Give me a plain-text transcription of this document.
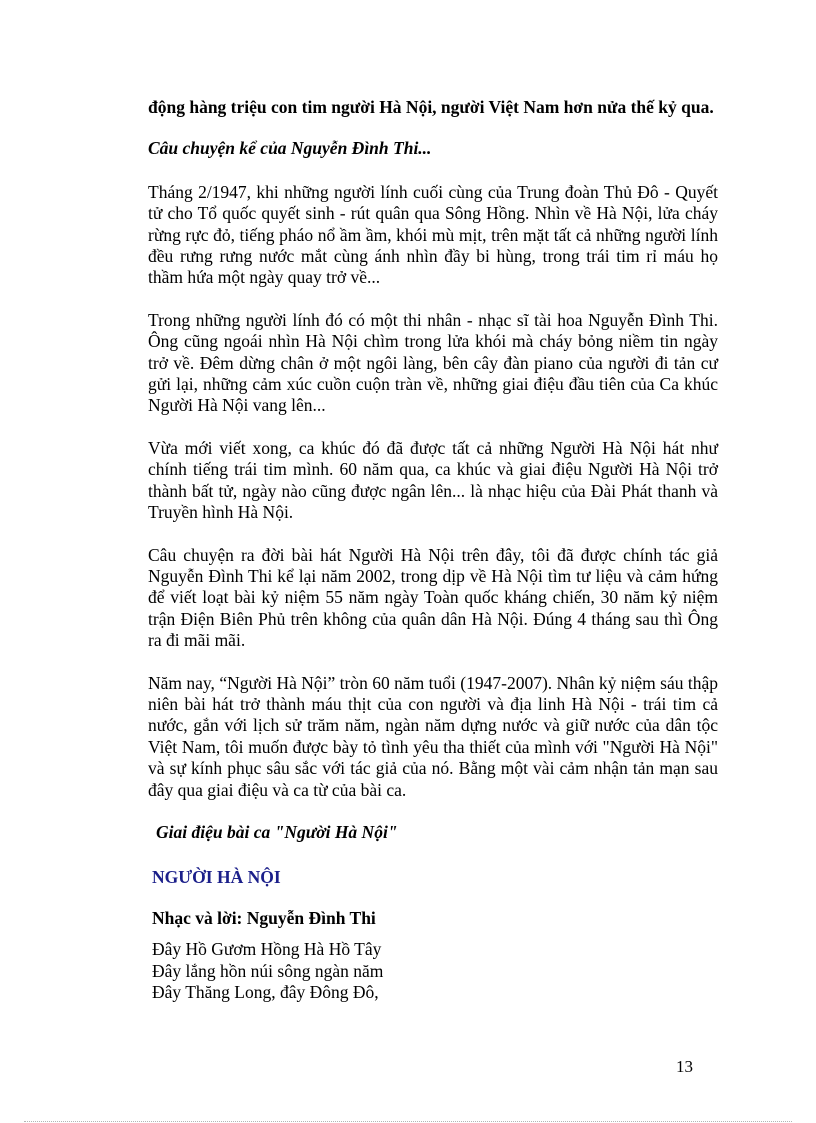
động hàng triệu con tim người Hà Nội, người Việt Nam hơn nửa thế kỷ qua.

Câu chuyện kể của Nguyễn Đình Thi...

Tháng 2/1947, khi những người lính cuối cùng của Trung đoàn Thủ Đô - Quyết tử cho Tổ quốc quyết sinh - rút quân qua Sông Hồng. Nhìn về Hà Nội, lửa cháy rừng rực đỏ, tiếng pháo nổ ầm ầm, khói mù mịt, trên mặt tất cả những người lính đều rưng rưng nước mắt cùng ánh nhìn đầy bi hùng, trong trái tim rỉ máu họ thầm hứa một ngày quay trở về...

Trong những người lính đó có một thi nhân - nhạc sĩ tài hoa Nguyễn Đình Thi. Ông cũng ngoái nhìn Hà Nội chìm trong lửa khói mà cháy bỏng niềm tin ngày trở về. Đêm dừng chân ở một ngôi làng, bên cây đàn piano của người đi tản cư gửi lại, những cảm xúc cuồn cuộn tràn về, những giai điệu đầu tiên của Ca khúc Người Hà Nội vang lên...

Vừa mới viết xong, ca khúc đó đã được tất cả những Người Hà Nội hát như chính tiếng trái tim mình. 60 năm qua, ca khúc và giai điệu Người Hà Nội trở thành bất tử, ngày nào cũng được ngân lên... là nhạc hiệu của Đài Phát thanh và Truyền hình Hà Nội.

Câu chuyện ra đời bài hát Người Hà Nội trên đây, tôi đã được chính tác giả Nguyễn Đình Thi kể lại năm 2002, trong dịp về Hà Nội tìm tư liệu và cảm hứng để viết loạt bài kỷ niệm 55 năm ngày Toàn quốc kháng chiến, 30 năm kỷ niệm trận Điện Biên Phủ trên không của quân dân Hà Nội. Đúng 4 tháng sau thì Ông ra đi mãi mãi.

Năm nay, “Người Hà Nội” tròn 60 năm tuổi (1947-2007). Nhân kỷ niệm sáu thập niên bài hát trở thành máu thịt của con người và địa linh Hà Nội - trái tim cả nước, gắn với lịch sử trăm năm, ngàn năm dựng nước và giữ nước của dân tộc Việt Nam, tôi muốn được bày tỏ tình yêu tha thiết của mình với "Người Hà Nội" và sự kính phục sâu sắc với tác giả của nó. Bằng một vài cảm nhận tản mạn sau đây qua giai điệu và ca từ của bài ca.

Giai điệu bài ca "Người Hà Nội"

NGƯỜI HÀ NỘI

Nhạc và lời: Nguyễn Đình Thi

Đây Hồ Gươm Hồng Hà Hồ Tây
Đây lắng hồn núi sông ngàn năm
Đây Thăng Long, đây Đông Đô,
13
